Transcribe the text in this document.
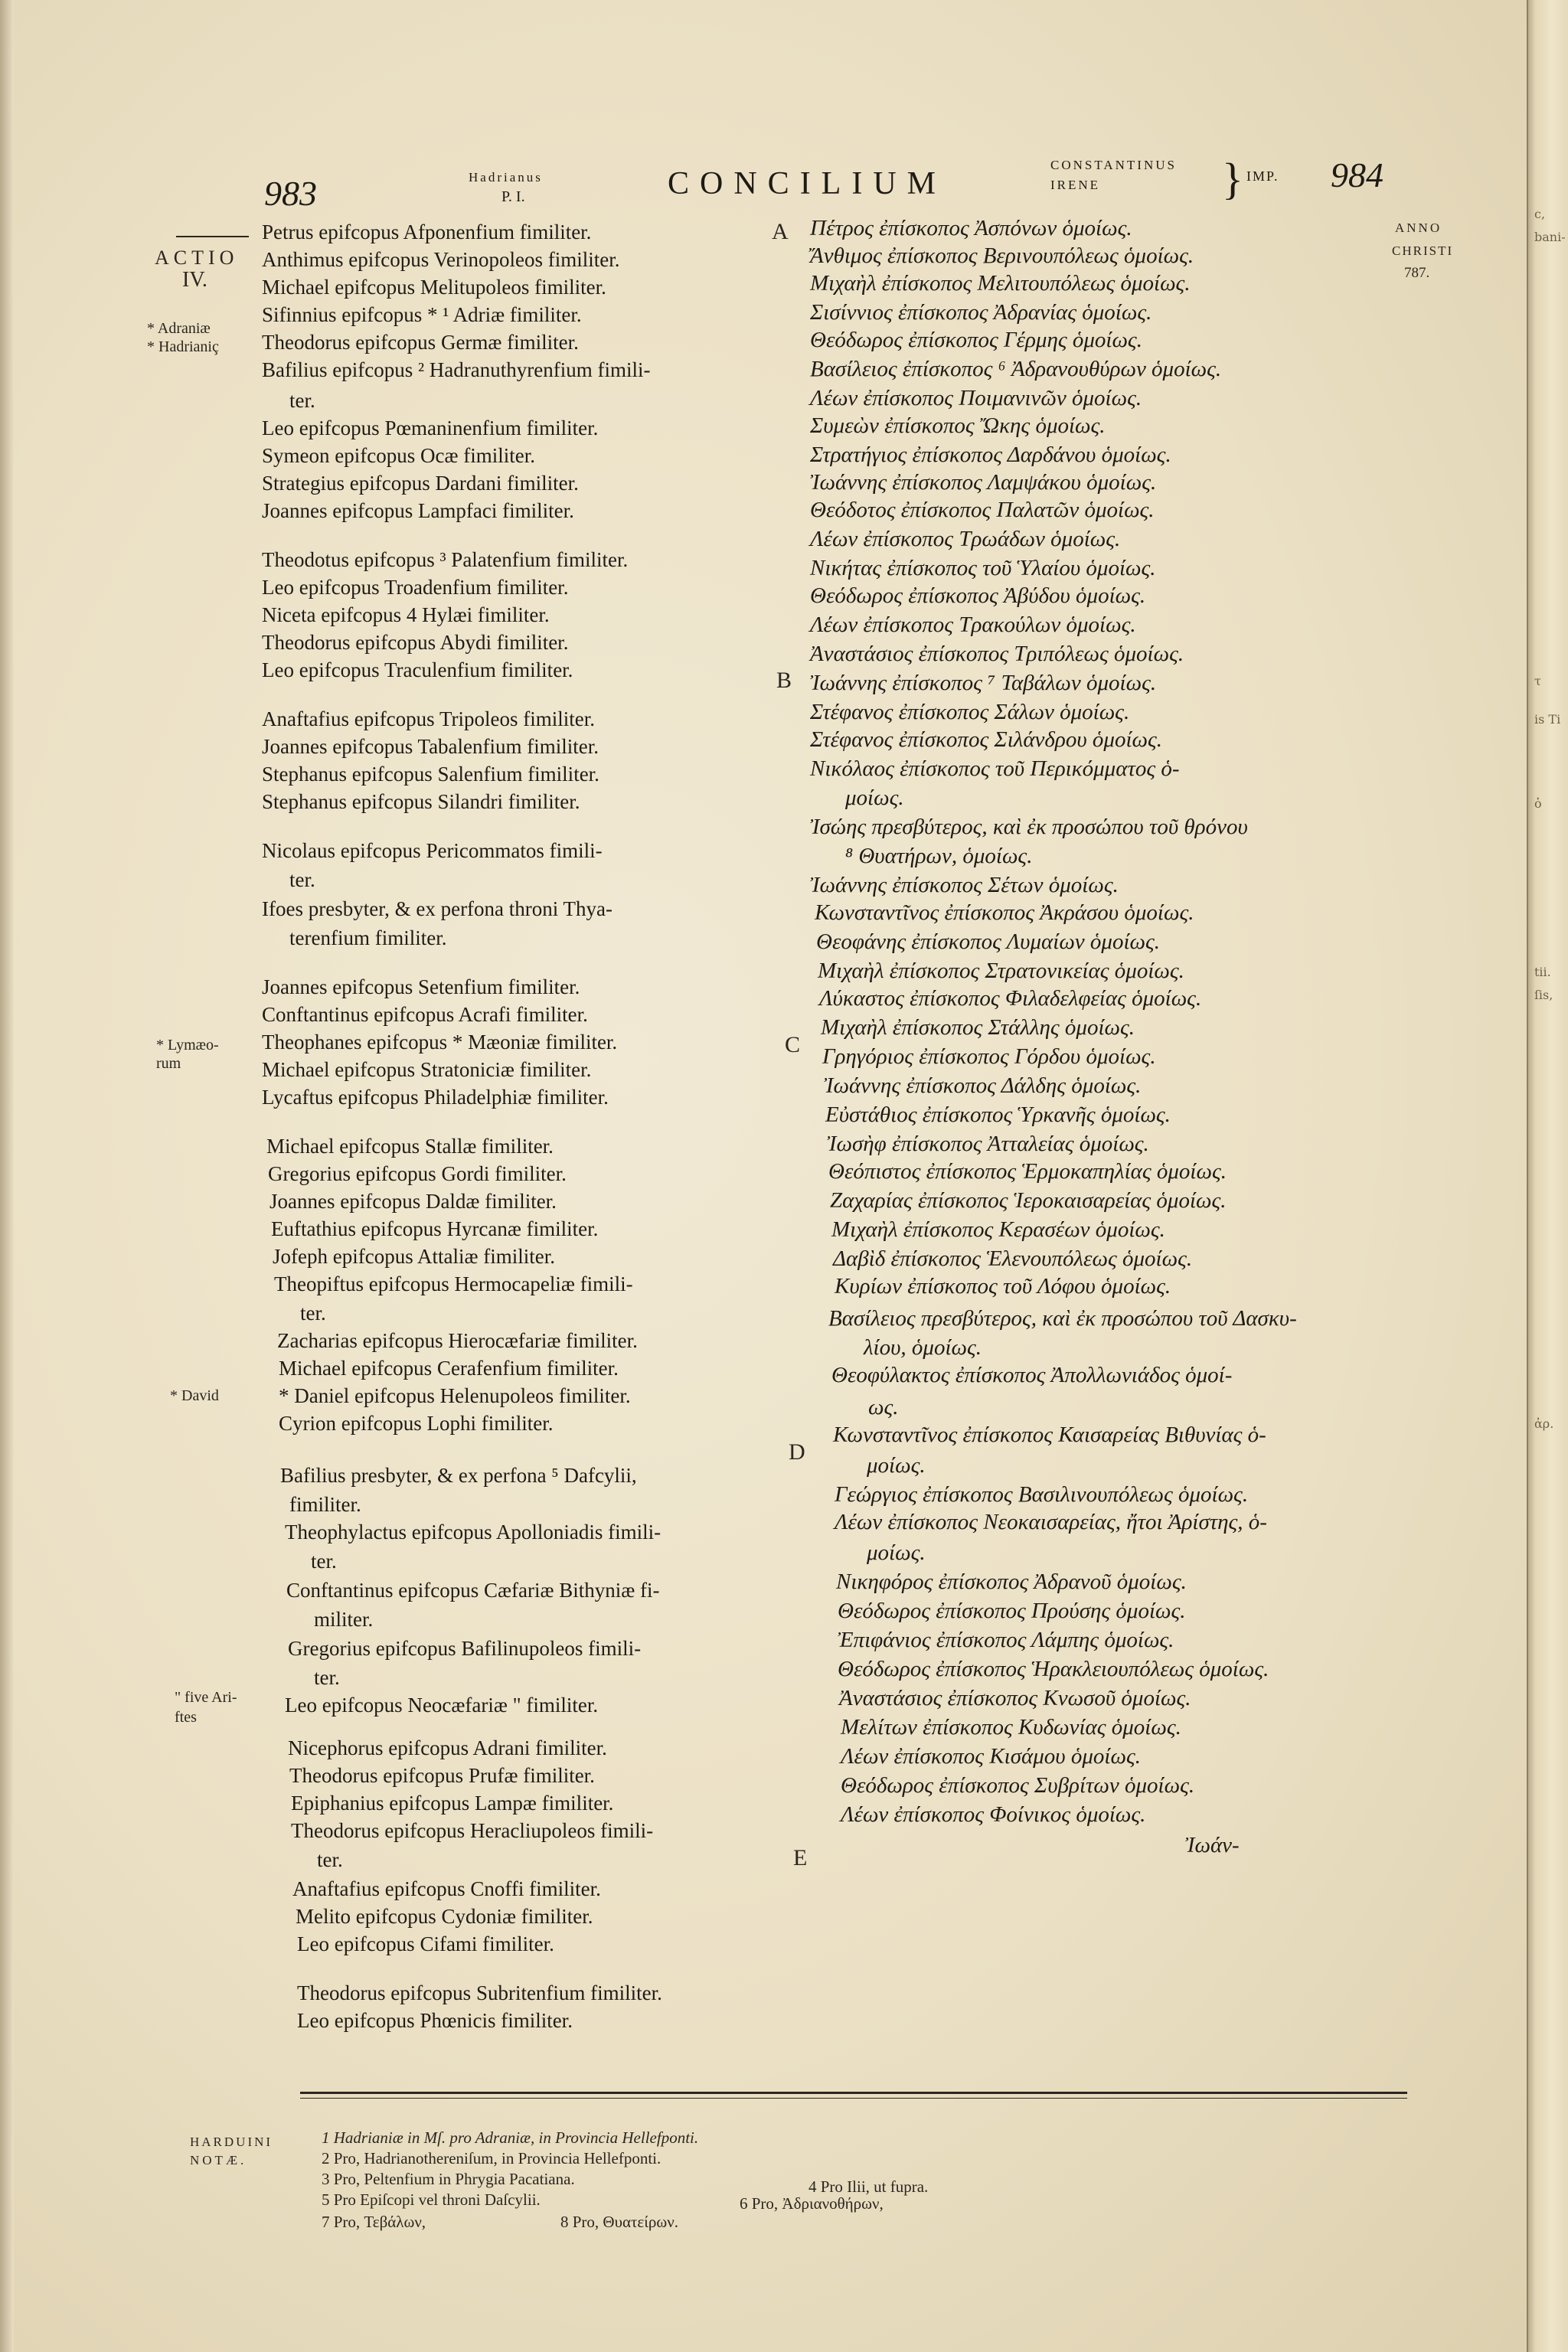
c,
bani-
τ
is Ti
ὁ
tii.
ſis,
ἀρ.
983	Hadrianus
P. I.	CONCILIUM
CONSTANTINUS
IRENE	} IMP. 984
ACTIO
IV.
ANNO
CHRISTI
787.
* Adraniæ
* Hadrianiç
* Lymæo-
rum
* David
" five Ari-
ftes
A
B
C
D
E
Petrus epifcopus Afponenfium fimiliter.
Anthimus epifcopus Verinopoleos fimiliter.
Michael epifcopus Melitupoleos fimiliter.
Sifinnius epifcopus * ¹ Adriæ fimiliter.
Theodorus epifcopus Germæ fimiliter.
Bafilius epifcopus ² Hadranuthyrenfium fimili-
ter.
Leo epifcopus Pœmaninenfium fimiliter.
Symeon epifcopus Ocæ fimiliter.
Strategius epifcopus Dardani fimiliter.
Joannes epifcopus Lampfaci fimiliter.
Theodotus epifcopus ³ Palatenfium fimiliter.
Leo epifcopus Troadenfium fimiliter.
Niceta epifcopus 4 Hylæi fimiliter.
Theodorus epifcopus Abydi fimiliter.
Leo epifcopus Traculenfium fimiliter.
Anaftafius epifcopus Tripoleos fimiliter.
Joannes epifcopus Tabalenfium fimiliter.
Stephanus epifcopus Salenfium fimiliter.
Stephanus epifcopus Silandri fimiliter.
Nicolaus epifcopus Pericommatos fimili-
ter.
Ifoes presbyter, & ex perfona throni Thya-
terenfium fimiliter.
Joannes epifcopus Setenfium fimiliter.
Conftantinus epifcopus Acrafi fimiliter.
Theophanes epifcopus * Mæoniæ fimiliter.
Michael epifcopus Stratoniciæ fimiliter.
Lycaftus epifcopus Philadelphiæ fimiliter.
Michael epifcopus Stallæ fimiliter.
Gregorius epifcopus Gordi fimiliter.
Joannes epifcopus Daldæ fimiliter.
Euftathius epifcopus Hyrcanæ fimiliter.
Jofeph epifcopus Attaliæ fimiliter.
Theopiftus epifcopus Hermocapeliæ fimili-
ter.
Zacharias epifcopus Hierocæfariæ fimiliter.
Michael epifcopus Cerafenfium fimiliter.
* Daniel epifcopus Helenupoleos fimiliter.
Cyrion epifcopus Lophi fimiliter.
Bafilius presbyter, & ex perfona ⁵ Dafcylii,
fimiliter.
Theophylactus epifcopus Apolloniadis fimili-
ter.
Conftantinus epifcopus Cæfariæ Bithyniæ fi-
militer.
Gregorius epifcopus Bafilinupoleos fimili-
ter.
Leo epifcopus Neocæfariæ " fimiliter.
Nicephorus epifcopus Adrani fimiliter.
Theodorus epifcopus Prufæ fimiliter.
Epiphanius epifcopus Lampæ fimiliter.
Theodorus epifcopus Heracliupoleos fimili-
ter.
Anaftafius epifcopus Cnoffi fimiliter.
Melito epifcopus Cydoniæ fimiliter.
Leo epifcopus Cifami fimiliter.
Theodorus epifcopus Subritenfium fimiliter.
Leo epifcopus Phœnicis fimiliter.
Πέτρος ἐπίσκοπος Ἀσπόνων ὁμοίως.
Ἄνθιμος ἐπίσκοπος Βερινουπόλεως ὁμοίως.
Μιχαὴλ ἐπίσκοπος Μελιτουπόλεως ὁμοίως.
Σισίννιος ἐπίσκοπος Ἀδρανίας ὁμοίως.
Θεόδωρος ἐπίσκοπος Γέρμης ὁμοίως.
Βασίλειος ἐπίσκοπος ⁶ Ἀδρανουθύρων ὁμοίως.
Λέων ἐπίσκοπος Ποιμανινῶν ὁμοίως.
Συμεὼν ἐπίσκοπος Ὤκης ὁμοίως.
Στρατήγιος ἐπίσκοπος Δαρδάνου ὁμοίως.
Ἰωάννης ἐπίσκοπος Λαμψάκου ὁμοίως.
Θεόδοτος ἐπίσκοπος Παλατῶν ὁμοίως.
Λέων ἐπίσκοπος Τρωάδων ὁμοίως.
Νικήτας ἐπίσκοπος τοῦ Ὑλαίου ὁμοίως.
Θεόδωρος ἐπίσκοπος Ἀβύδου ὁμοίως.
Λέων ἐπίσκοπος Τρακούλων ὁμοίως.
Ἀναστάσιος ἐπίσκοπος Τριπόλεως ὁμοίως.
Ἰωάννης ἐπίσκοπος ⁷ Ταβάλων ὁμοίως.
Στέφανος ἐπίσκοπος Σάλων ὁμοίως.
Στέφανος ἐπίσκοπος Σιλάνδρου ὁμοίως.
Νικόλαος ἐπίσκοπος τοῦ Περικόμματος ὁ-
μοίως.
Ἰσώης πρεσβύτερος, καὶ ἐκ προσώπου τοῦ θρόνου
⁸ Θυατήρων, ὁμοίως.
Ἰωάννης ἐπίσκοπος Σέτων ὁμοίως.
Κωνσταντῖνος ἐπίσκοπος Ἀκράσου ὁμοίως.
Θεοφάνης ἐπίσκοπος Λυμαίων ὁμοίως.
Μιχαὴλ ἐπίσκοπος Στρατονικείας ὁμοίως.
Λύκαστος ἐπίσκοπος Φιλαδελφείας ὁμοίως.
Μιχαὴλ ἐπίσκοπος Στάλλης ὁμοίως.
Γρηγόριος ἐπίσκοπος Γόρδου ὁμοίως.
Ἰωάννης ἐπίσκοπος Δάλδης ὁμοίως.
Εὐστάθιος ἐπίσκοπος Ὑρκανῆς ὁμοίως.
Ἰωσὴφ ἐπίσκοπος Ἀτταλείας ὁμοίως.
Θεόπιστος ἐπίσκοπος Ἑρμοκαπηλίας ὁμοίως.
Ζαχαρίας ἐπίσκοπος Ἱεροκαισαρείας ὁμοίως.
Μιχαὴλ ἐπίσκοπος Κερασέων ὁμοίως.
Δαβὶδ ἐπίσκοπος Ἑλενουπόλεως ὁμοίως.
Κυρίων ἐπίσκοπος τοῦ Λόφου ὁμοίως.
Βασίλειος πρεσβύτερος, καὶ ἐκ προσώπου τοῦ Δασκυ-
λίου, ὁμοίως.
Θεοφύλακτος ἐπίσκοπος Ἀπολλωνιάδος ὁμοί-
ως.
Κωνσταντῖνος ἐπίσκοπος Καισαρείας Βιθυνίας ὁ-
μοίως.
Γεώργιος ἐπίσκοπος Βασιλινουπόλεως ὁμοίως.
Λέων ἐπίσκοπος Νεοκαισαρείας, ἤτοι Ἀρίστης, ὁ-
μοίως.
Νικηφόρος ἐπίσκοπος Ἀδρανοῦ ὁμοίως.
Θεόδωρος ἐπίσκοπος Προύσης ὁμοίως.
Ἐπιφάνιος ἐπίσκοπος Λάμπης ὁμοίως.
Θεόδωρος ἐπίσκοπος Ἡρακλειουπόλεως ὁμοίως.
Ἀναστάσιος ἐπίσκοπος Κνωσοῦ ὁμοίως.
Μελίτων ἐπίσκοπος Κυδωνίας ὁμοίως.
Λέων ἐπίσκοπος Κισάμου ὁμοίως.
Θεόδωρος ἐπίσκοπος Συβρίτων ὁμοίως.
Λέων ἐπίσκοπος Φοίνικος ὁμοίως.
Ἰωάν-
HARDUINI
NOTÆ.
1 Hadrianiæ in Mſ. pro Adraniæ, in Provincia Hellefponti.
2 Pro, Hadrianothereniſum, in Provincia Hellefponti.
3 Pro, Peltenfium in Phrygia Pacatiana.	4 Pro Ilii, ut fupra.
5 Pro Epiſcopi vel throni Daſcylii.	6 Pro, Ἀδριανοθήρων,
7 Pro, Τεβάλων,	8 Pro, Θυατείρων.
